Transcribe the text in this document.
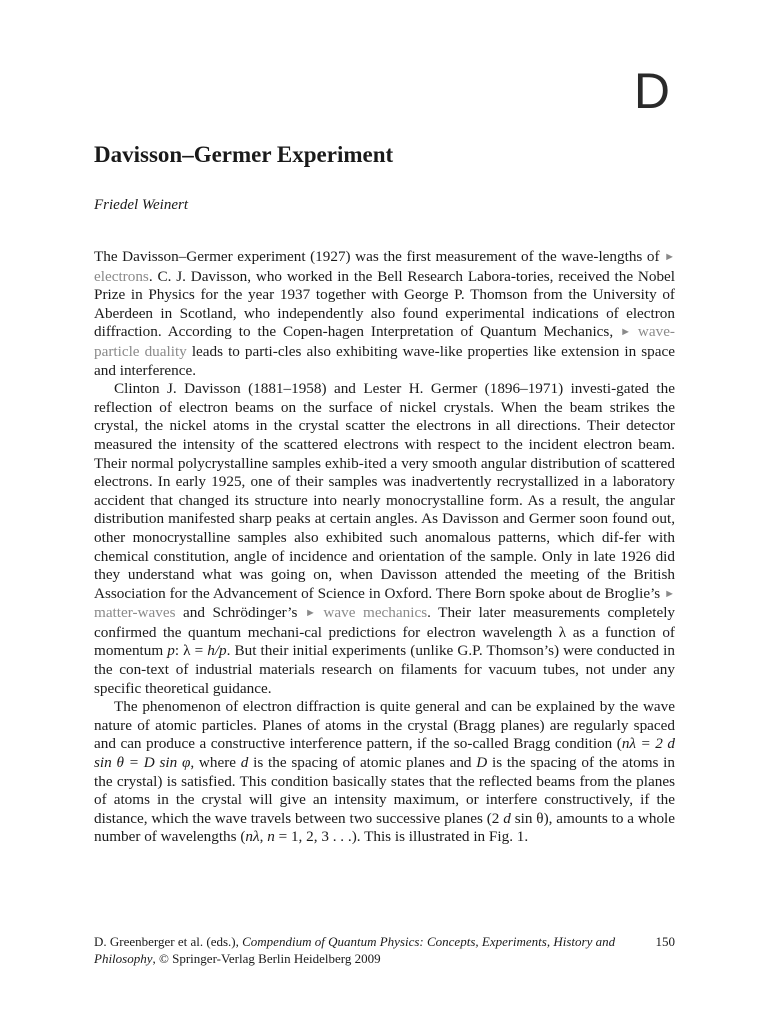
D
Davisson–Germer Experiment
Friedel Weinert

The Davisson–Germer experiment (1927) was the first measurement of the wave-lengths of ► electrons. C. J. Davisson, who worked in the Bell Research Labora-tories, received the Nobel Prize in Physics for the year 1937 together with George P. Thomson from the University of Aberdeen in Scotland, who independently also found experimental indications of electron diffraction. According to the Copen-hagen Interpretation of Quantum Mechanics, ► wave-particle duality leads to parti-cles also exhibiting wave-like properties like extension in space and interference.

Clinton J. Davisson (1881–1958) and Lester H. Germer (1896–1971) investi-gated the reflection of electron beams on the surface of nickel crystals. When the beam strikes the crystal, the nickel atoms in the crystal scatter the electrons in all directions. Their detector measured the intensity of the scattered electrons with respect to the incident electron beam. Their normal polycrystalline samples exhib-ited a very smooth angular distribution of scattered electrons. In early 1925, one of their samples was inadvertently recrystallized in a laboratory accident that changed its structure into nearly monocrystalline form. As a result, the angular distribution manifested sharp peaks at certain angles. As Davisson and Germer soon found out, other monocrystalline samples also exhibited such anomalous patterns, which dif-fer with chemical constitution, angle of incidence and orientation of the sample. Only in late 1926 did they understand what was going on, when Davisson attended the meeting of the British Association for the Advancement of Science in Oxford. There Born spoke about de Broglie’s ► matter-waves and Schrödinger’s ► wave mechanics. Their later measurements completely confirmed the quantum mechani-cal predictions for electron wavelength λ as a function of momentum p: λ = h/p. But their initial experiments (unlike G.P. Thomson’s) were conducted in the con-text of industrial materials research on filaments for vacuum tubes, not under any specific theoretical guidance.

The phenomenon of electron diffraction is quite general and can be explained by the wave nature of atomic particles. Planes of atoms in the crystal (Bragg planes) are regularly spaced and can produce a constructive interference pattern, if the so-called Bragg condition (nλ = 2 d sin θ = D sin φ, where d is the spacing of atomic planes and D is the spacing of the atoms in the crystal) is satisfied. This condition basically states that the reflected beams from the planes of atoms in the crystal will give an intensity maximum, or interfere constructively, if the distance, which the wave travels between two successive planes (2 d sin θ), amounts to a whole number of wavelengths (nλ, n = 1, 2, 3 . . .). This is illustrated in Fig. 1.

D. Greenberger et al. (eds.), Compendium of Quantum Physics: Concepts, Experiments, History and Philosophy, © Springer-Verlag Berlin Heidelberg 2009
150
